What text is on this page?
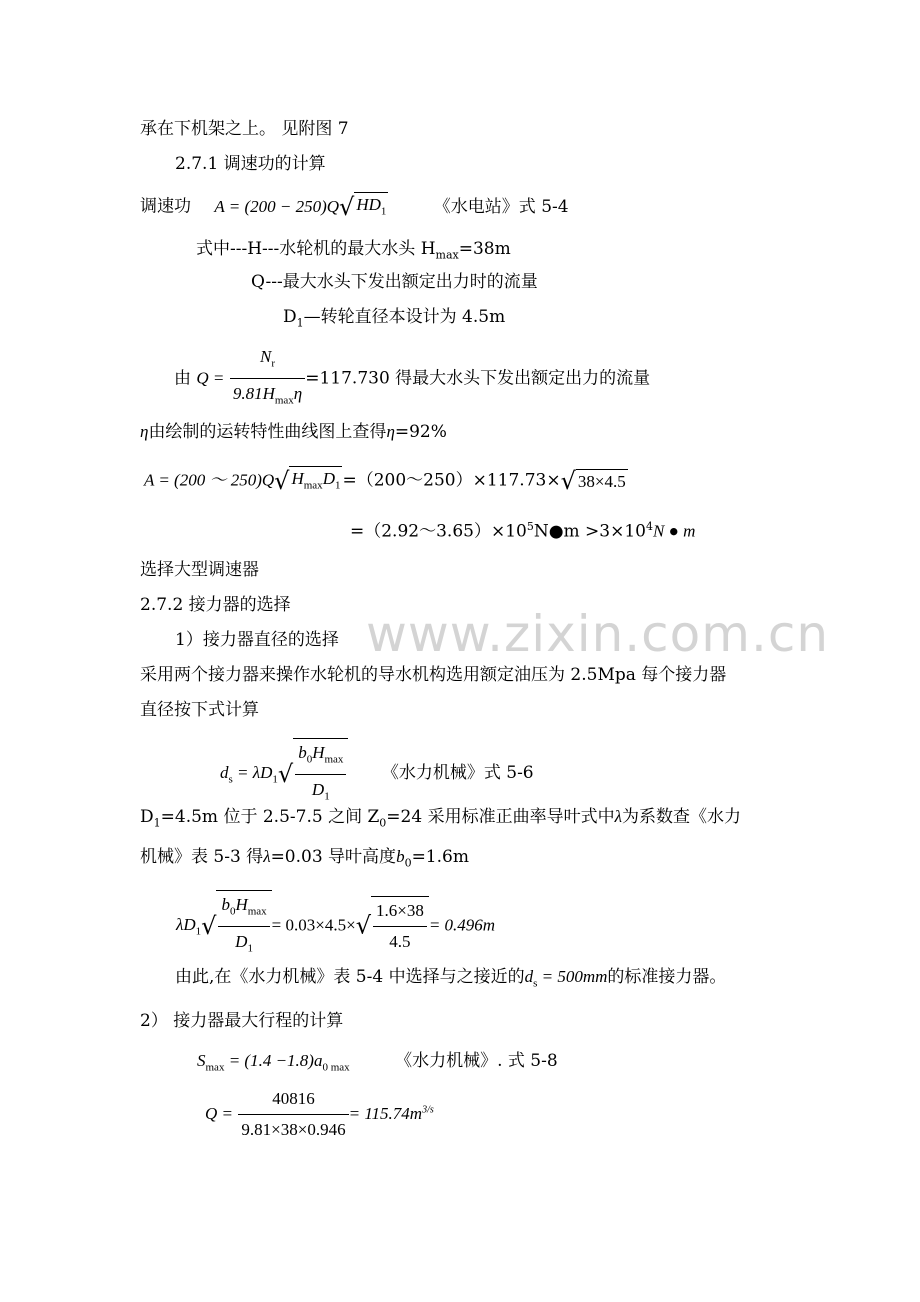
www.zixin.com.cn
承在下机架之上。 见附图 7
2.7.1 调速功的计算
调速功 A = (200 − 250)Q√ $HD_1$	《水电站》式 5-4
式中---H---水轮机的最大水头 $H_{max}=38m$
Q---最大水头下发出额定出力时的流量
$D_1—$转轮直径本设计为 4.5m
由 $Q = \frac{N_r}{9.81H_{max}\eta} =117.730$ 得最大水头下发出额定出力的流量
η由绘制的运转特性曲线图上查得η=92%
A = (200 ～ 250)Q√ $H_{max}D_1$ =（200～250）×117.73×√ 38×4.5
$=(2.92\sim 3.65)\times 10^5N●m >3\times 10^4N$ ● m
选择大型调速器
2.7.2 接力器的选择
1）接力器直径的选择
采用两个接力器来操作水轮机的导水机构选用额定油压为 2.5Mpa 每个接力器
直径按下式计算
$d_s = \lambda D_1√ \frac{b_0H_{max}}{D_1}$ 《水力机械》式 5-6
$D_1=4.5m$ 位于 2.5-7.5 之间 $Z_0=24$ 采用标准正曲率导叶式中λ为系数查《水力
机械》表 5-3 得λ=0.03 导叶高度$b_0=1.6m$
$\lambda D_1√ \frac{b_0H_{max}}{D_1} = 0.03\times 4.5\times√ \frac{1.6\times 38}{4.5} = 0.496m$
由此,在《水力机械》表 5-4 中选择与之接近的$d_s = 500mm$的标准接力器。
2） 接力器最大行程的计算
$S_{max} = (1.4 -1.8)a_{0 max}$	《水力机械》. 式 5-8
$Q = \frac{40816}{9.81\times 38\times 0.946} = 115.74m^{3/s}$
